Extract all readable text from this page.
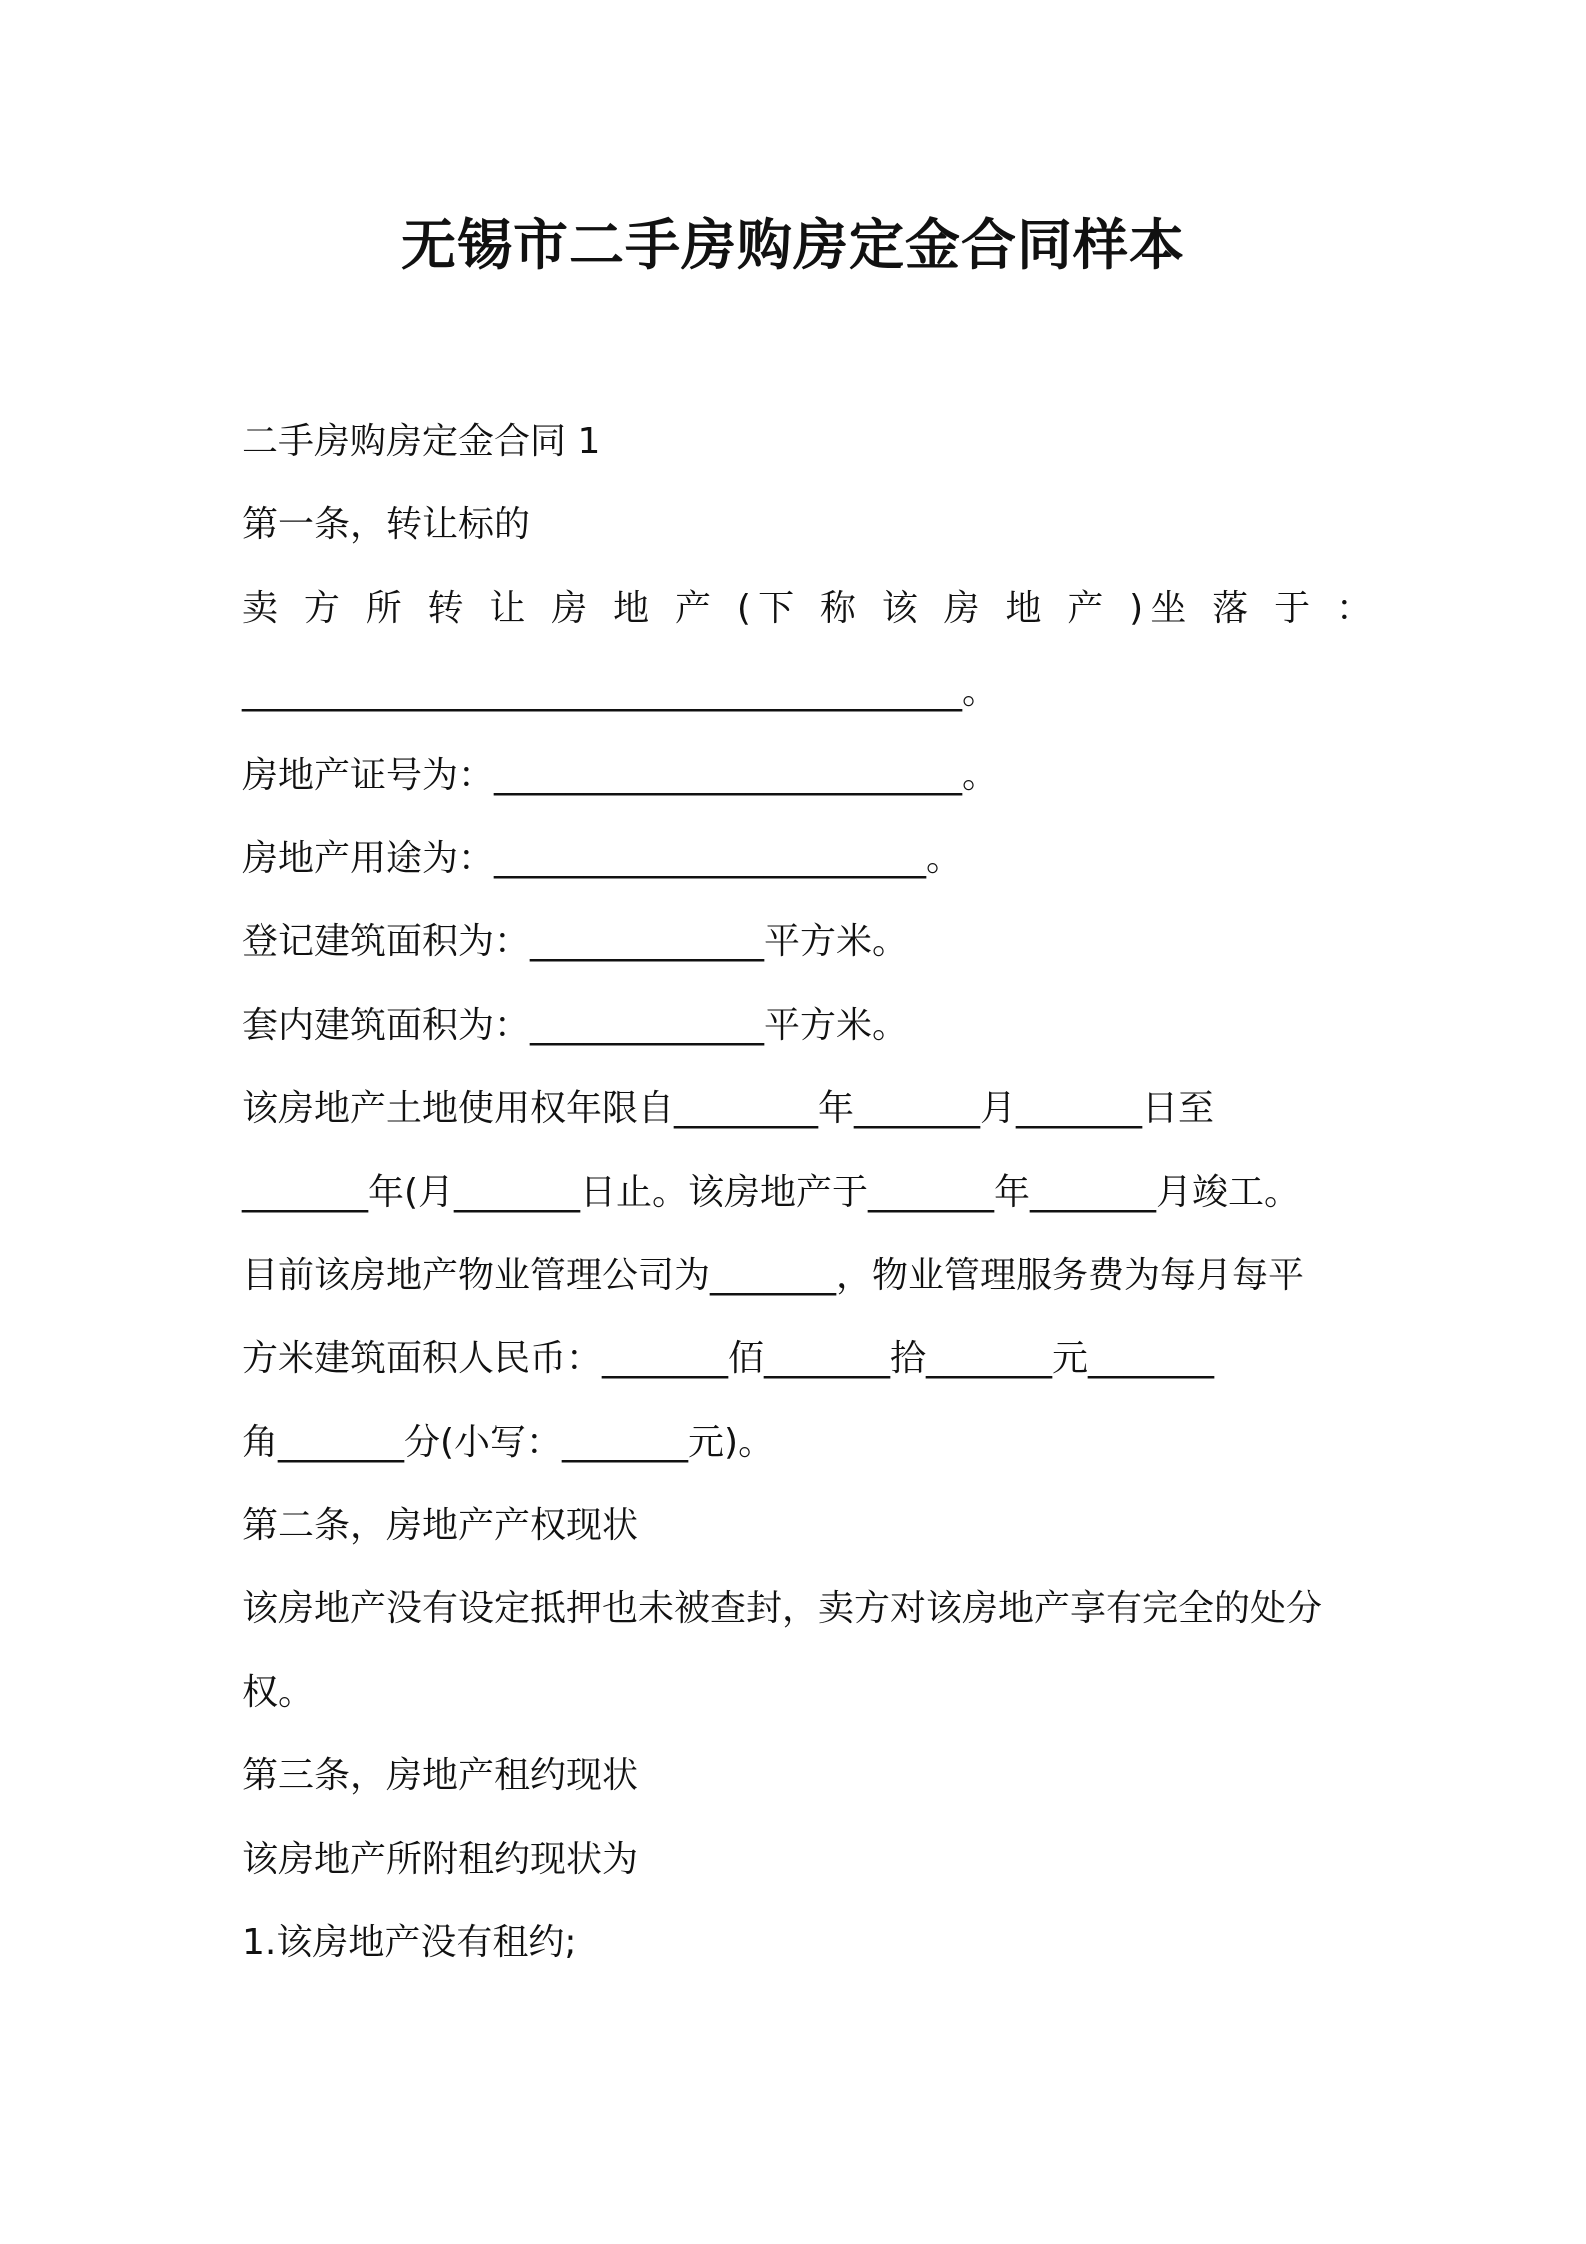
无锡市二手房购房定金合同样本
二手房购房定金合同 1
第一条，转让标的
卖 方 所 转 让 房 地 产 (下 称 该 房 地 产 )坐 落 于 ：
________________________________________。
房地产证号为：__________________________。
房地产用途为：________________________。
登记建筑面积为：_____________平方米。
套内建筑面积为：_____________平方米。
该房地产土地使用权年限自________年_______月_______日至
_______年(月_______日止。该房地产于_______年_______月竣工。
目前该房地产物业管理公司为_______，物业管理服务费为每月每平
方米建筑面积人民币：_______佰_______拾_______元_______
角_______分(小写：_______元)。
第二条，房地产产权现状
该房地产没有设定抵押也未被查封，卖方对该房地产享有完全的处分
权。
第三条，房地产租约现状
该房地产所附租约现状为
1.该房地产没有租约;
